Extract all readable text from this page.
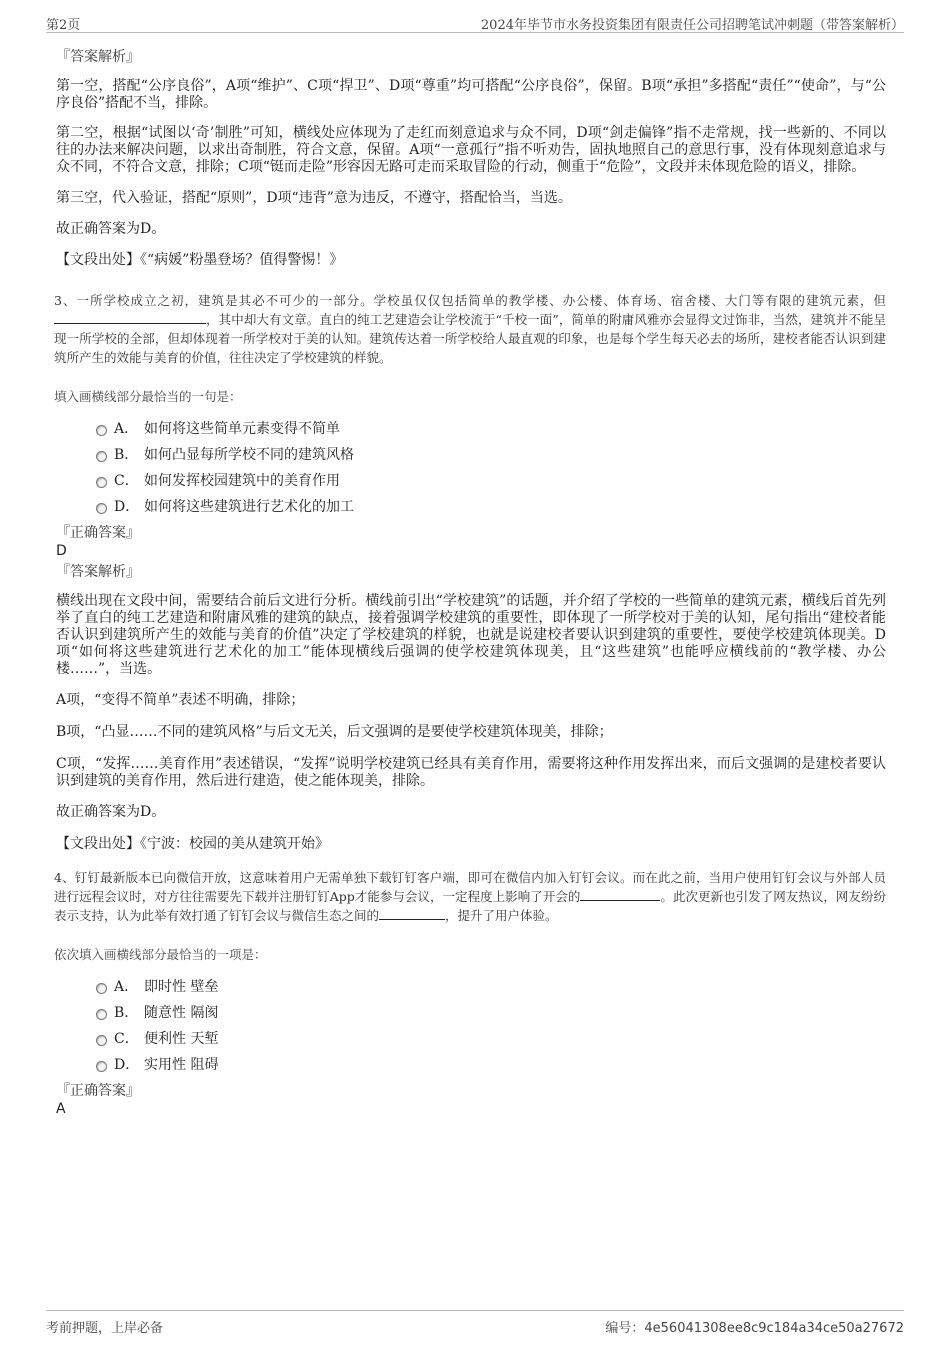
第2页	2024年毕节市水务投资集团有限责任公司招聘笔试冲刺题（带答案解析）

『答案解析』

第一空，搭配“公序良俗”，A项“维护”、C项“捍卫”、D项“尊重”均可搭配“公序良俗”，保留。B项“承担”多搭配“责任”“使命”，与“公序良俗”搭配不当，排除。

第二空，根据“试图以‘奇’制胜”可知，横线处应体现为了走红而刻意追求与众不同，D项“剑走偏锋”指不走常规，找一些新的、不同以往的办法来解决问题，以求出奇制胜，符合文意，保留。A项“一意孤行”指不听劝告，固执地照自己的意思行事，没有体现刻意追求与众不同，不符合文意，排除；C项“铤而走险”形容因无路可走而采取冒险的行动，侧重于“危险”，文段并未体现危险的语义，排除。

第三空，代入验证，搭配“原则”，D项“违背”意为违反，不遵守，搭配恰当，当选。

故正确答案为D。

【文段出处】《“病媛”粉墨登场？值得警惕！》

3、一所学校成立之初，建筑是其必不可少的一部分。学校虽仅仅包括简单的教学楼、办公楼、体育场、宿舍楼、大门等有限的建筑元素，但，其中却大有文章。直白的纯工艺建造会让学校流于“千校一面”，简单的附庸风雅亦会显得文过饰非，当然，建筑并不能呈现一所学校的全部，但却体现着一所学校对于美的认知。建筑传达着一所学校给人最直观的印象，也是每个学生每天必去的场所，建校者能否认识到建筑所产生的效能与美育的价值，往往决定了学校建筑的样貌。

填入画横线部分最恰当的一句是：

A． 如何将这些简单元素变得不简单
B． 如何凸显每所学校不同的建筑风格
C． 如何发挥校园建筑中的美育作用
D． 如何将这些建筑进行艺术化的加工

『正确答案』

D

『答案解析』

横线出现在文段中间，需要结合前后文进行分析。横线前引出“学校建筑”的话题，并介绍了学校的一些简单的建筑元素，横线后首先列举了直白的纯工艺建造和附庸风雅的建筑的缺点，接着强调学校建筑的重要性，即体现了一所学校对于美的认知，尾句指出“建校者能否认识到建筑所产生的效能与美育的价值”决定了学校建筑的样貌，也就是说建校者要认识到建筑的重要性，要使学校建筑体现美。D项“如何将这些建筑进行艺术化的加工”能体现横线后强调的使学校建筑体现美，且“这些建筑”也能呼应横线前的“教学楼、办公楼……”，当选。

A项，“变得不简单”表述不明确，排除；

B项，“凸显……不同的建筑风格”与后文无关，后文强调的是要使学校建筑体现美，排除；

C项，“发挥……美育作用”表述错误，“发挥”说明学校建筑已经具有美育作用，需要将这种作用发挥出来，而后文强调的是建校者要认识到建筑的美育作用，然后进行建造，使之能体现美，排除。

故正确答案为D。

【文段出处】《宁波：校园的美从建筑开始》

4、钉钉最新版本已向微信开放，这意味着用户无需单独下载钉钉客户端，即可在微信内加入钉钉会议。而在此之前，当用户使用钉钉会议与外部人员进行远程会议时，对方往往需要先下载并注册钉钉App才能参与会议，一定程度上影响了开会的	。此次更新也引发了网友热议，网友纷纷表示支持，认为此举有效打通了钉钉会议与微信生态之间的	，提升了用户体验。

依次填入画横线部分最恰当的一项是：

A． 即时性 壁垒
B． 随意性 隔阂
C． 便利性 天堑
D． 实用性 阻碍

『正确答案』

A

考前押题，上岸必备	编号：4e56041308ee8c9c184a34ce50a27672
